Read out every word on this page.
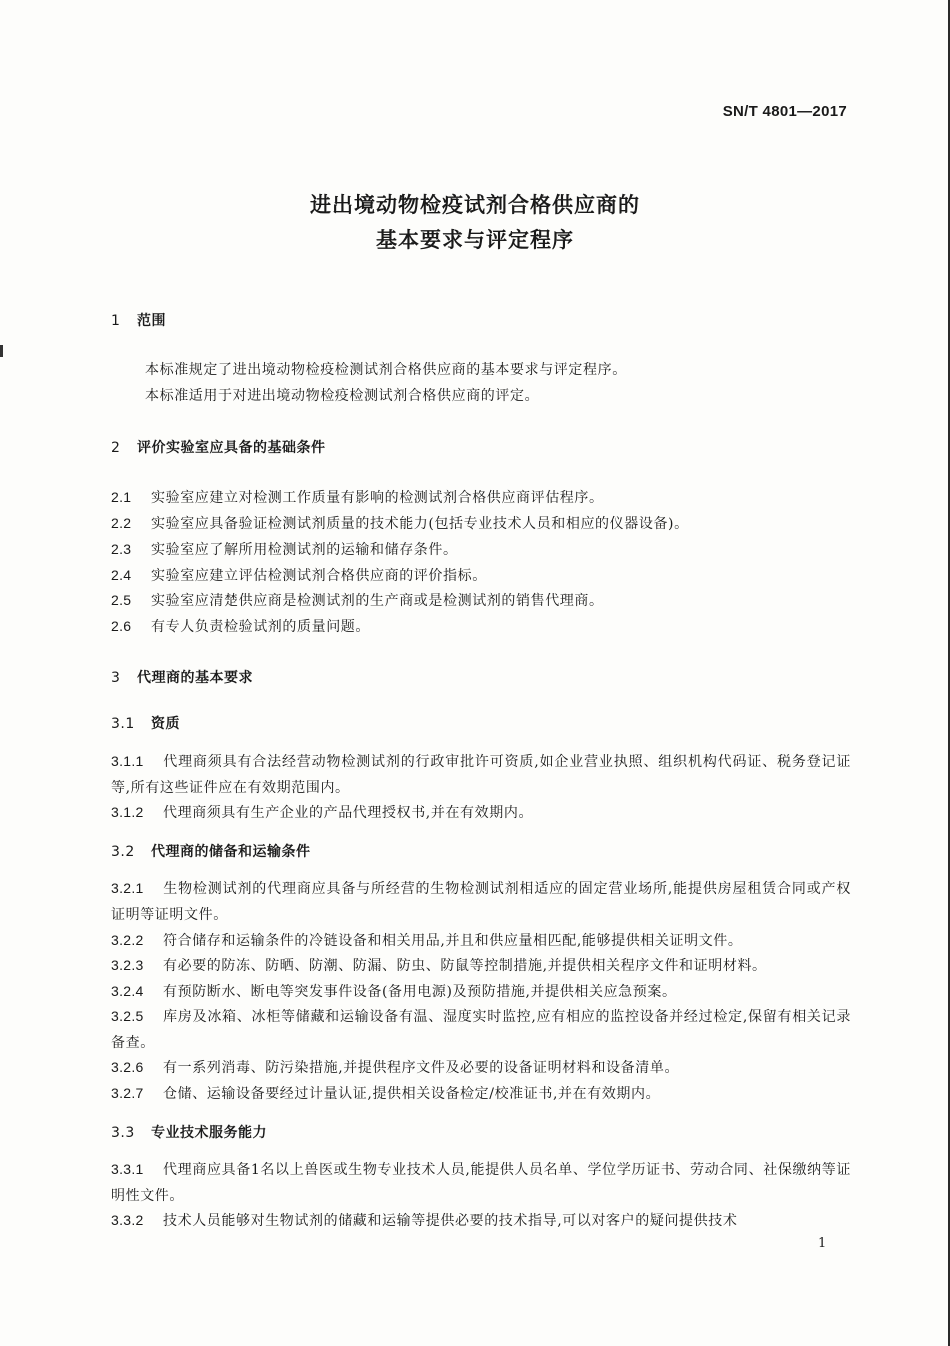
SN/T 4801—2017
进出境动物检疫试剂合格供应商的
基本要求与评定程序
1 范围
本标准规定了进出境动物检疫检测试剂合格供应商的基本要求与评定程序。
本标准适用于对进出境动物检疫检测试剂合格供应商的评定。
2 评价实验室应具备的基础条件
2.1 实验室应建立对检测工作质量有影响的检测试剂合格供应商评估程序。
2.2 实验室应具备验证检测试剂质量的技术能力(包括专业技术人员和相应的仪器设备)。
2.3 实验室应了解所用检测试剂的运输和储存条件。
2.4 实验室应建立评估检测试剂合格供应商的评价指标。
2.5 实验室应清楚供应商是检测试剂的生产商或是检测试剂的销售代理商。
2.6 有专人负责检验试剂的质量问题。
3 代理商的基本要求
3.1 资质
3.1.1 代理商须具有合法经营动物检测试剂的行政审批许可资质,如企业营业执照、组织机构代码证、税务登记证等,所有这些证件应在有效期范围内。
3.1.2 代理商须具有生产企业的产品代理授权书,并在有效期内。
3.2 代理商的储备和运输条件
3.2.1 生物检测试剂的代理商应具备与所经营的生物检测试剂相适应的固定营业场所,能提供房屋租赁合同或产权证明等证明文件。
3.2.2 符合储存和运输条件的冷链设备和相关用品,并且和供应量相匹配,能够提供相关证明文件。
3.2.3 有必要的防冻、防晒、防潮、防漏、防虫、防鼠等控制措施,并提供相关程序文件和证明材料。
3.2.4 有预防断水、断电等突发事件设备(备用电源)及预防措施,并提供相关应急预案。
3.2.5 库房及冰箱、冰柜等储藏和运输设备有温、湿度实时监控,应有相应的监控设备并经过检定,保留有相关记录备查。
3.2.6 有一系列消毒、防污染措施,并提供程序文件及必要的设备证明材料和设备清单。
3.2.7 仓储、运输设备要经过计量认证,提供相关设备检定/校准证书,并在有效期内。
3.3 专业技术服务能力
3.3.1 代理商应具备1名以上兽医或生物专业技术人员,能提供人员名单、学位学历证书、劳动合同、社保缴纳等证明性文件。
3.3.2 技术人员能够对生物试剂的储藏和运输等提供必要的技术指导,可以对客户的疑问提供技术
1
